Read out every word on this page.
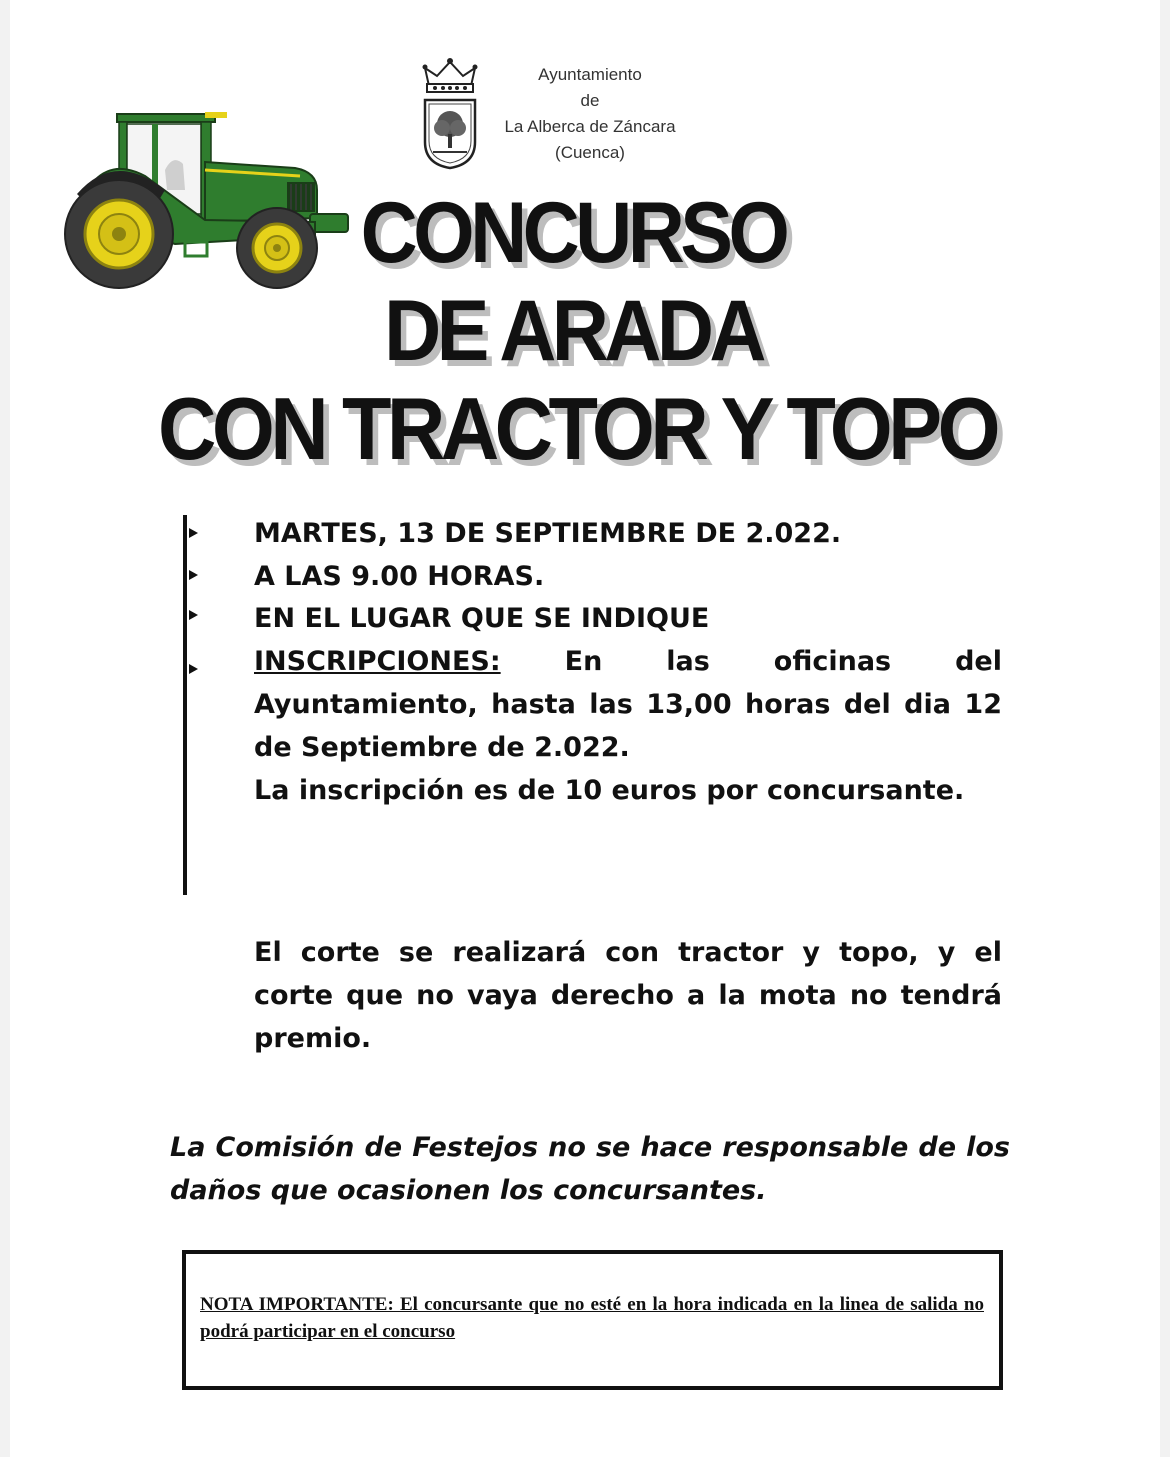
Ayuntamiento
de
La Alberca de Záncara
(Cuenca)
CONCURSO
DE ARADA
CON TRACTOR Y TOPO
MARTES, 13 DE SEPTIEMBRE DE 2.022.
A LAS 9.00 HORAS.
EN EL LUGAR QUE SE INDIQUE
INSCRIPCIONES: En las oficinas del Ayuntamiento, hasta las 13,00 horas del dia 12 de Septiembre de 2.022.
La inscripción es de 10 euros por concursante.
El corte se realizará con tractor y topo, y el corte que no vaya derecho a la mota no tendrá premio.
La Comisión de Festejos no se hace responsable de los daños que ocasionen los concursantes.
NOTA IMPORTANTE: El concursante que no esté en la hora indicada en la linea de salida no podrá participar en el concurso
